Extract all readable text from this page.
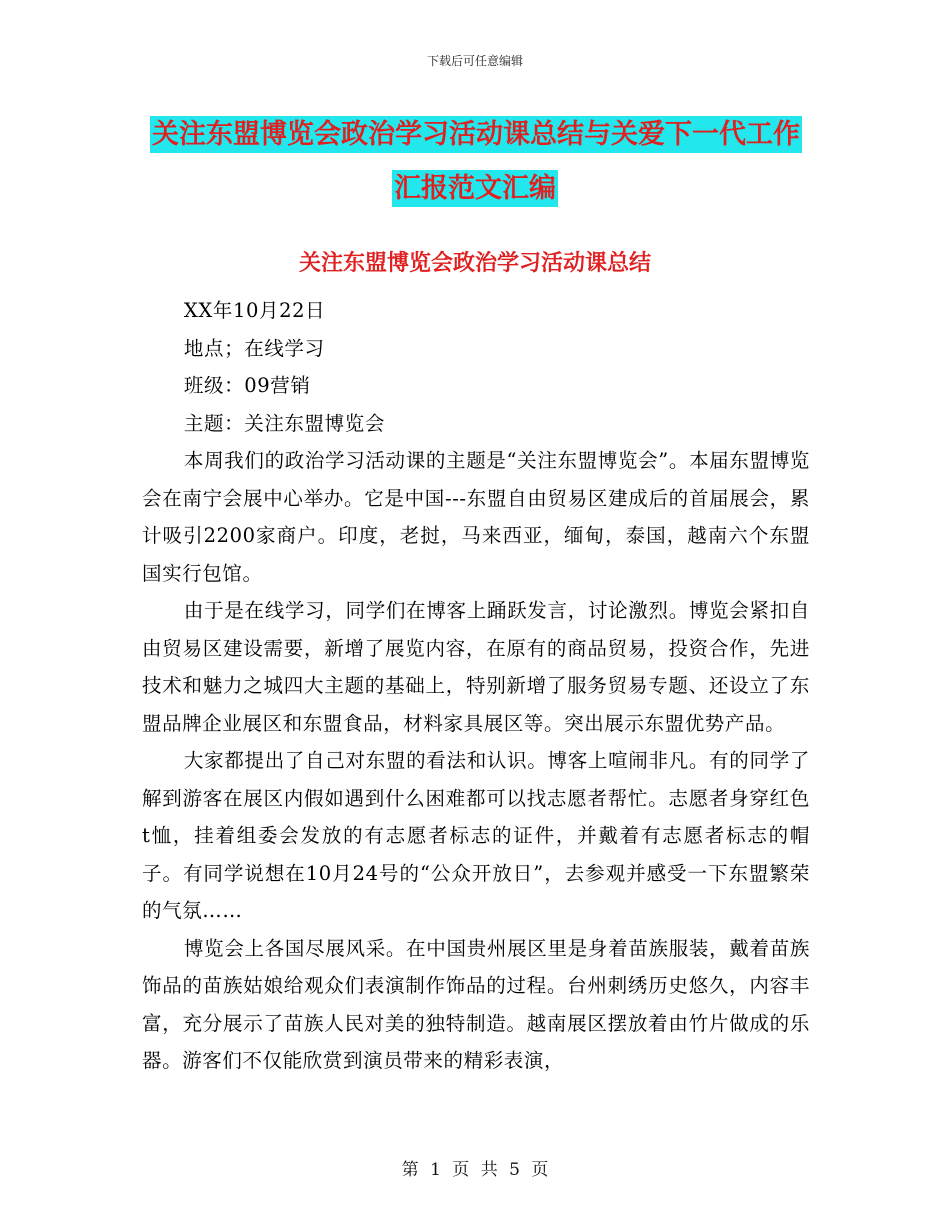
下载后可任意编辑
关注东盟博览会政治学习活动课总结与关爱下一代工作汇报范文汇编
关注东盟博览会政治学习活动课总结

XX年10月22日

地点；在线学习

班级：09营销

主题：关注东盟博览会

本周我们的政治学习活动课的主题是“关注东盟博览会”。本届东盟博览会在南宁会展中心举办。它是中国---东盟自由贸易区建成后的首届展会，累计吸引2200家商户。印度，老挝，马来西亚，缅甸，泰国，越南六个东盟国实行包馆。

由于是在线学习，同学们在博客上踊跃发言，讨论激烈。博览会紧扣自由贸易区建设需要，新增了展览内容，在原有的商品贸易，投资合作，先进技术和魅力之城四大主题的基础上，特别新增了服务贸易专题、还设立了东盟品牌企业展区和东盟食品，材料家具展区等。突出展示东盟优势产品。

大家都提出了自己对东盟的看法和认识。博客上喧闹非凡。有的同学了解到游客在展区内假如遇到什么困难都可以找志愿者帮忙。志愿者身穿红色t恤，挂着组委会发放的有志愿者标志的证件，并戴着有志愿者标志的帽子。有同学说想在10月24号的“公众开放日”，去参观并感受一下东盟繁荣的气氛……

博览会上各国尽展风采。在中国贵州展区里是身着苗族服装，戴着苗族饰品的苗族姑娘给观众们表演制作饰品的过程。台州刺绣历史悠久，内容丰富，充分展示了苗族人民对美的独特制造。越南展区摆放着由竹片做成的乐器。游客们不仅能欣赏到演员带来的精彩表演，

第 1 页 共 5 页
